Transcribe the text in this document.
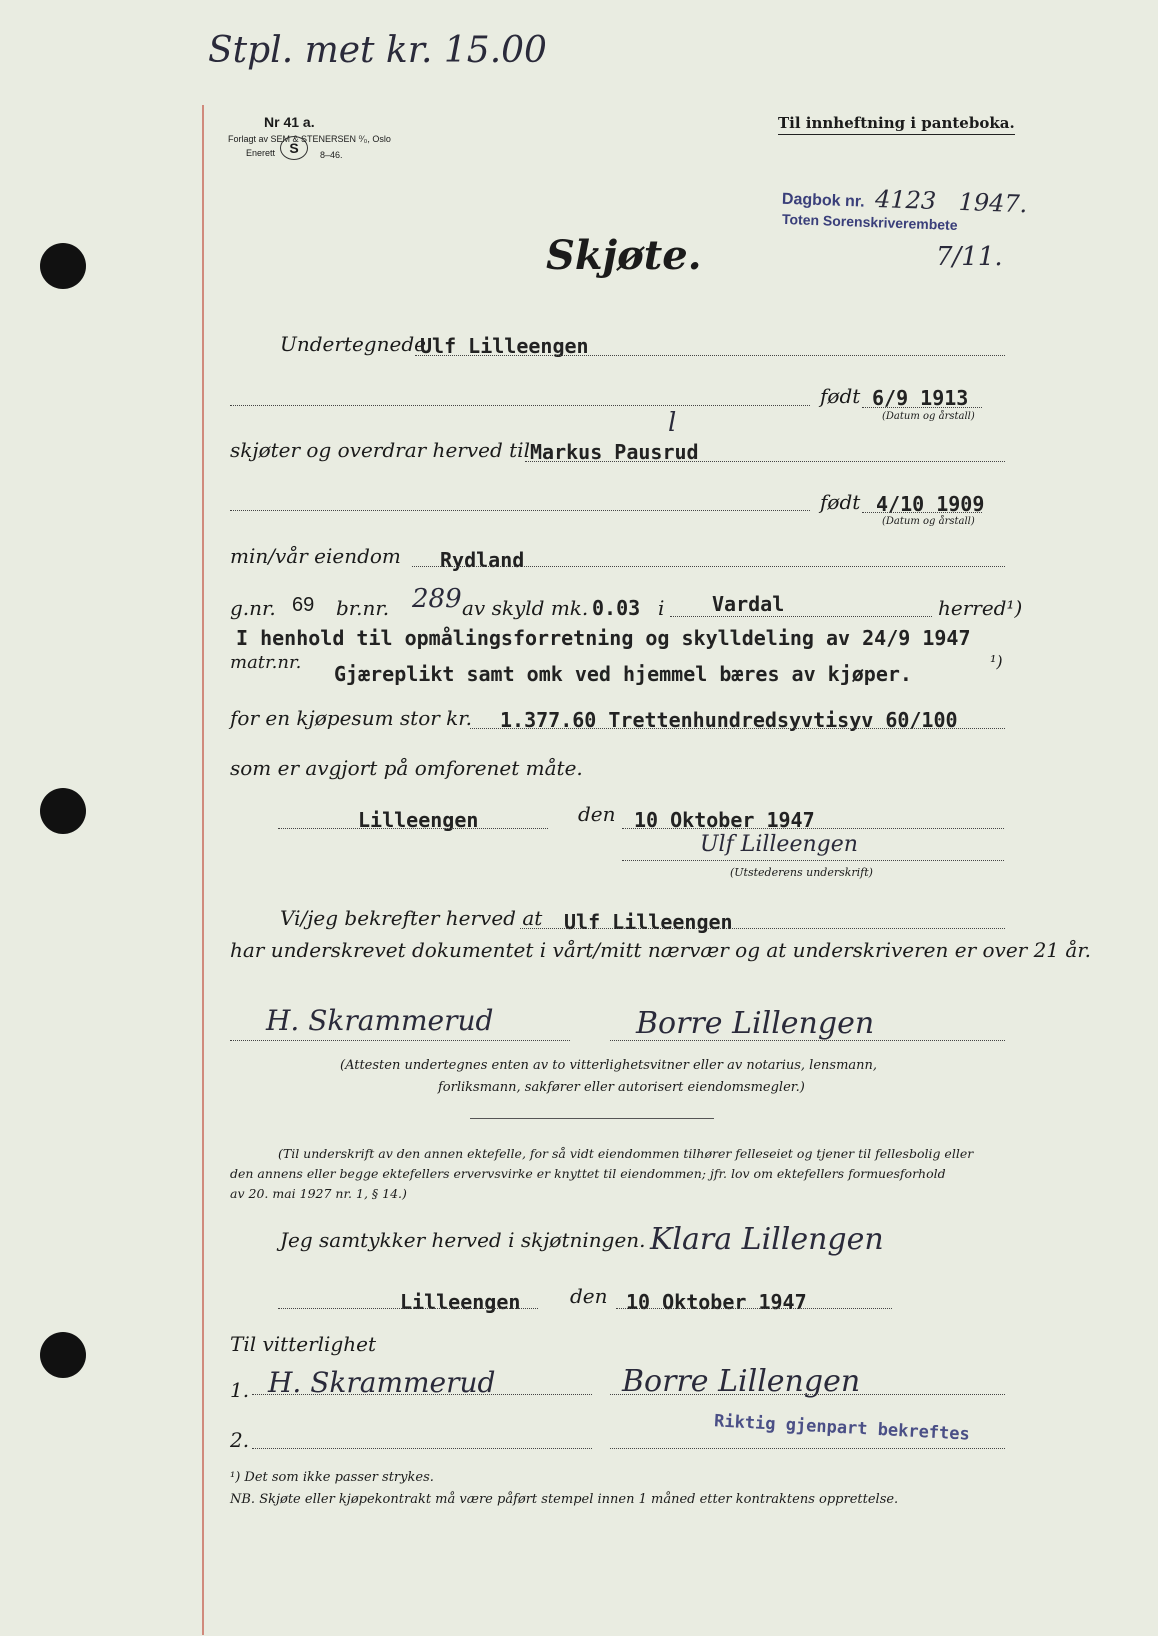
Stpl. met kr. 15.00
Nr 41 a.
Forlagt av SEM & STENERSEN ⁰⁄₀, Oslo
Enerett	S	8–46.
Til innheftning i panteboka.
Dagbok nr. 4123 1947.
Toten Sorenskriverembete
7/11.
Skjøte.
Undertegnede
Ulf Lilleengen
født 6/9 1913
(Datum og årstall)
skjøter og overdrar herved til Markus Pausrud
l
født 4/10 1909
(Datum og årstall)
min/vår eiendom Rydland
g.nr. 69 br.nr. 289 av skyld mk. 0.03 i Vardal	herred¹)
I henhold til opmålingsforretning og skylldeling av 24/9 1947
matr.nr. Gjæreplikt samt omk ved hjemmel bæres av kjøper.
¹)
for en kjøpesum stor kr. 1.377.60 Trettenhundredsyvtisyv 60/100
som er avgjort på omforenet måte.
Lilleengen	den 10 Oktober 1947
Ulf Lilleengen
(Utstederens underskrift)
Vi/jeg bekrefter herved at Ulf Lilleengen
har underskrevet dokumentet i vårt/mitt nærvær og at underskriveren er over 21 år.
H. Skrammerud	Borre Lillengen
(Attesten undertegnes enten av to vitterlighetsvitner eller av notarius, lensmann,
forliksmann, sakfører eller autorisert eiendomsmegler.)
(Til underskrift av den annen ektefelle, for så vidt eiendommen tilhører felleseiet og tjener til fellesbolig eller
den annens eller begge ektefellers ervervsvirke er knyttet til eiendommen; jfr. lov om ektefellers formuesforhold
av 20. mai 1927 nr. 1, § 14.)
Jeg samtykker herved i skjøtningen. Klara Lillengen
Lilleengen den 10 Oktober 1947
Til vitterlighet
1. H. Skrammerud	Borre Lillengen
2.	Riktig gjenpart bekreftes
¹) Det som ikke passer strykes.
NB. Skjøte eller kjøpekontrakt må være påført stempel innen 1 måned etter kontraktens opprettelse.
